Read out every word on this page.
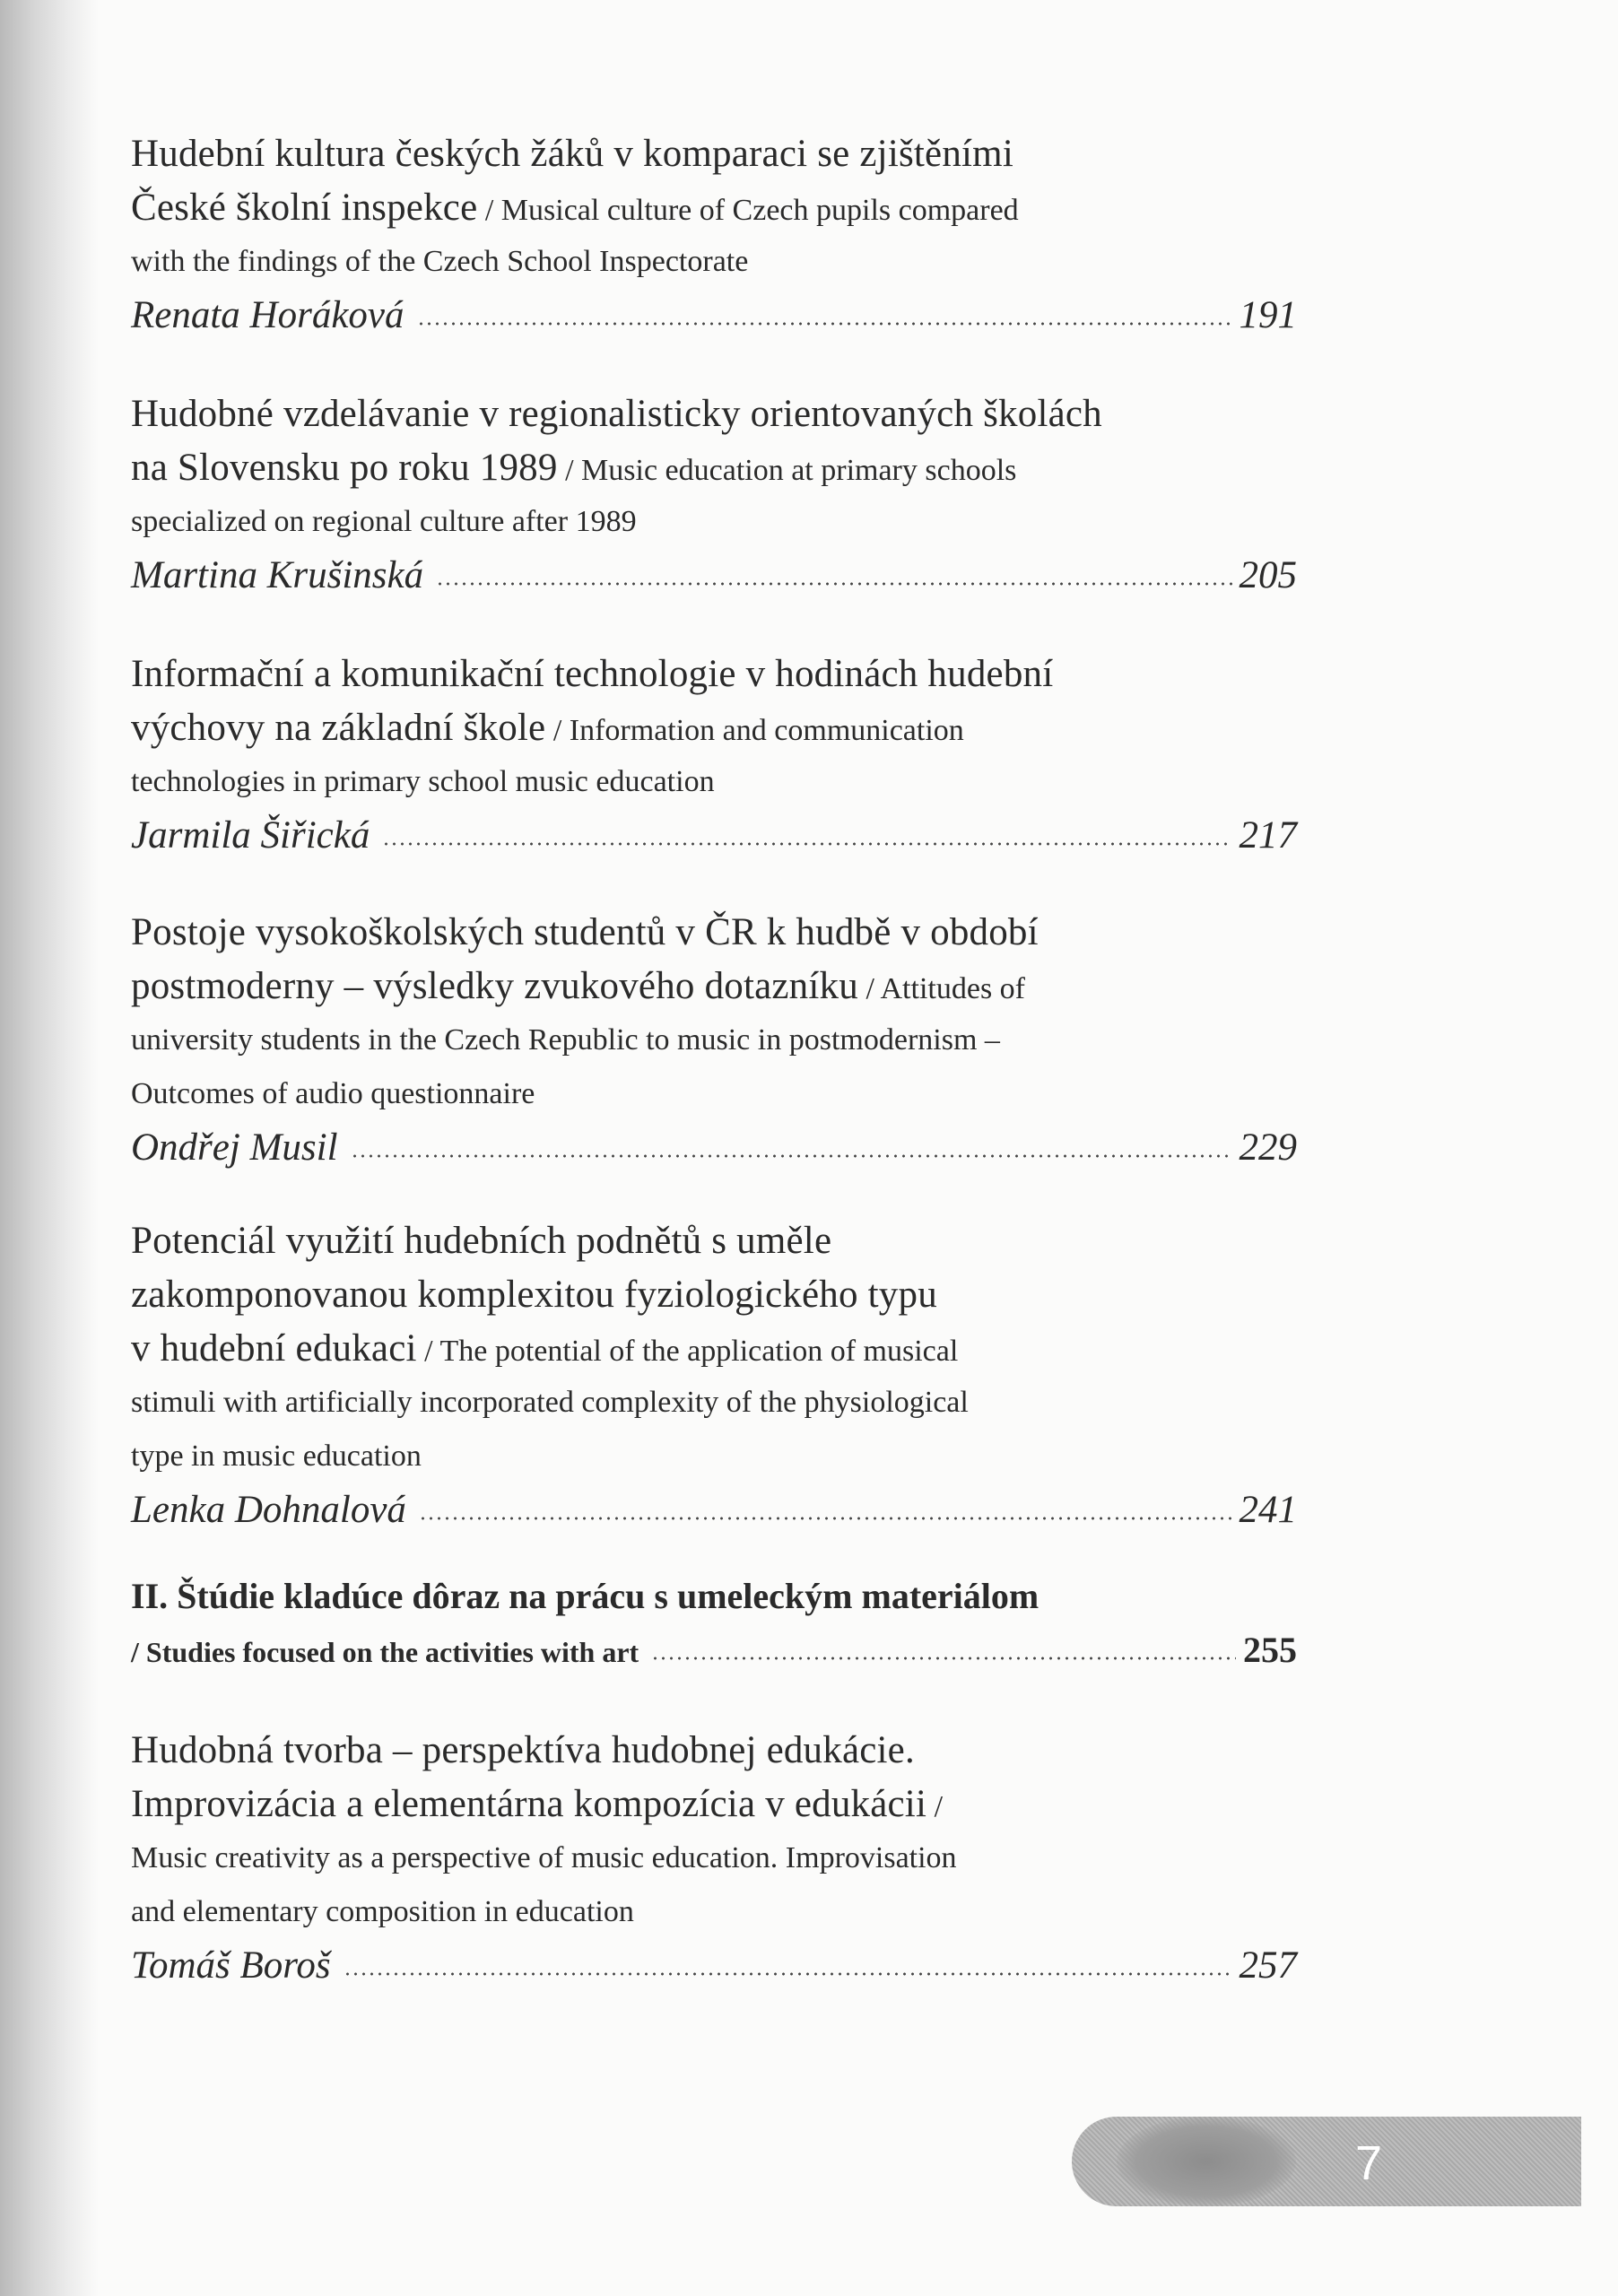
Hudební kultura českých žáků v komparaci se zjištěními
České školní inspekce / Musical culture of Czech pupils compared
with the findings of the Czech School Inspectorate
Renata Horáková	191
Hudobné vzdelávanie v regionalisticky orientovaných školách
na Slovensku po roku 1989 / Music education at primary schools
specialized on regional culture after 1989
Martina Krušinská	205
Informační a komunikační technologie v hodinách hudební
výchovy na základní škole / Information and communication
technologies in primary school music education
Jarmila Šiřická	217
Postoje vysokoškolských studentů v ČR k hudbě v období
postmoderny – výsledky zvukového dotazníku / Attitudes of
university students in the Czech Republic to music in postmodernism –
Outcomes of audio questionnaire
Ondřej Musil	229
Potenciál využití hudebních podnětů s uměle
zakomponovanou komplexitou fyziologického typu
v hudební edukaci / The potential of the application of musical
stimuli with artificially incorporated complexity of the physiological
type in music education
Lenka Dohnalová	241
II. Štúdie kladúce dôraz na prácu s umeleckým materiálom
/ Studies focused on the activities with art	255
Hudobná tvorba – perspektíva hudobnej edukácie.
Improvizácia a elementárna kompozícia v edukácii /
Music creativity as a perspective of music education. Improvisation
and elementary composition in education
Tomáš Boroš	257
7
